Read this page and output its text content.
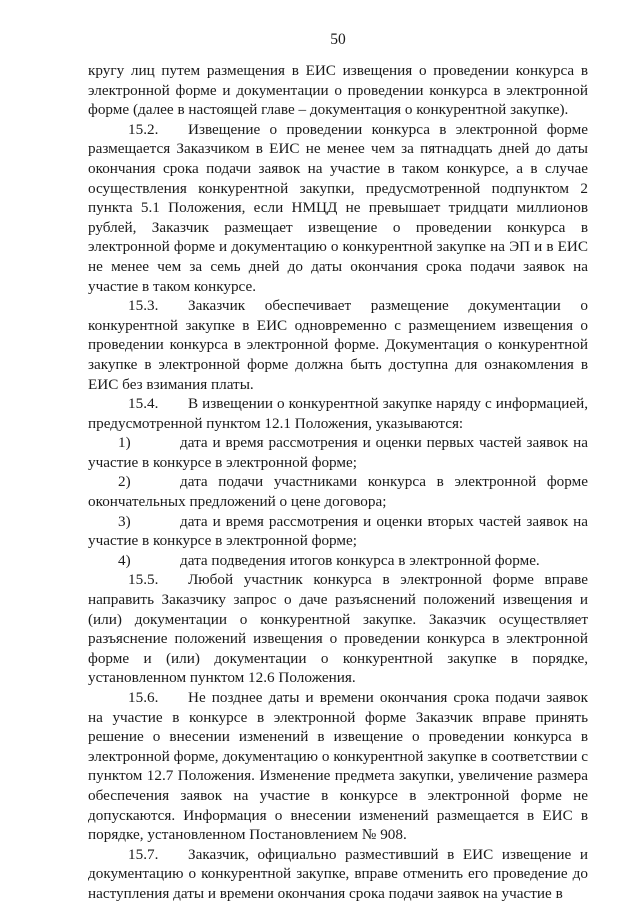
50

кругу лиц путем размещения в ЕИС извещения о проведении конкурса в электронной форме и документации о проведении конкурса в электронной форме (далее в настоящей главе – документация о конкурентной закупке).

15.2. Извещение о проведении конкурса в электронной форме размещается Заказчиком в ЕИС не менее чем за пятнадцать дней до даты окончания срока подачи заявок на участие в таком конкурсе, а в случае осуществления конкурентной закупки, предусмотренной подпунктом 2 пункта 5.1 Положения, если НМЦД не превышает тридцати миллионов рублей, Заказчик размещает извещение о проведении конкурса в электронной форме и документацию о конкурентной закупке на ЭП и в ЕИС не менее чем за семь дней до даты окончания срока подачи заявок на участие в таком конкурсе.

15.3. Заказчик обеспечивает размещение документации о конкурентной закупке в ЕИС одновременно с размещением извещения о проведении конкурса в электронной форме. Документация о конкурентной закупке в электронной форме должна быть доступна для ознакомления в ЕИС без взимания платы.

15.4. В извещении о конкурентной закупке наряду с информацией, предусмотренной пунктом 12.1 Положения, указываются:

1)	дата и время рассмотрения и оценки первых частей заявок на участие в конкурсе в электронной форме;

2)	дата подачи участниками конкурса в электронной форме окончательных предложений о цене договора;

3)	дата и время рассмотрения и оценки вторых частей заявок на участие в конкурсе в электронной форме;

4)	дата подведения итогов конкурса в электронной форме.

15.5. Любой участник конкурса в электронной форме вправе направить Заказчику запрос о даче разъяснений положений извещения и (или) документации о конкурентной закупке. Заказчик осуществляет разъяснение положений извещения о проведении конкурса в электронной форме и (или) документации о конкурентной закупке в порядке, установленном пунктом 12.6 Положения.

15.6. Не позднее даты и времени окончания срока подачи заявок на участие в конкурсе в электронной форме Заказчик вправе принять решение о внесении изменений в извещение о проведении конкурса в электронной форме, документацию о конкурентной закупке в соответствии с пунктом 12.7 Положения. Изменение предмета закупки, увеличение размера обеспечения заявок на участие в конкурсе в электронной форме не допускаются. Информация о внесении изменений размещается в ЕИС в порядке, установленном Постановлением № 908.

15.7. Заказчик, официально разместивший в ЕИС извещение и документацию о конкурентной закупке, вправе отменить его проведение до наступления даты и времени окончания срока подачи заявок на участие в
